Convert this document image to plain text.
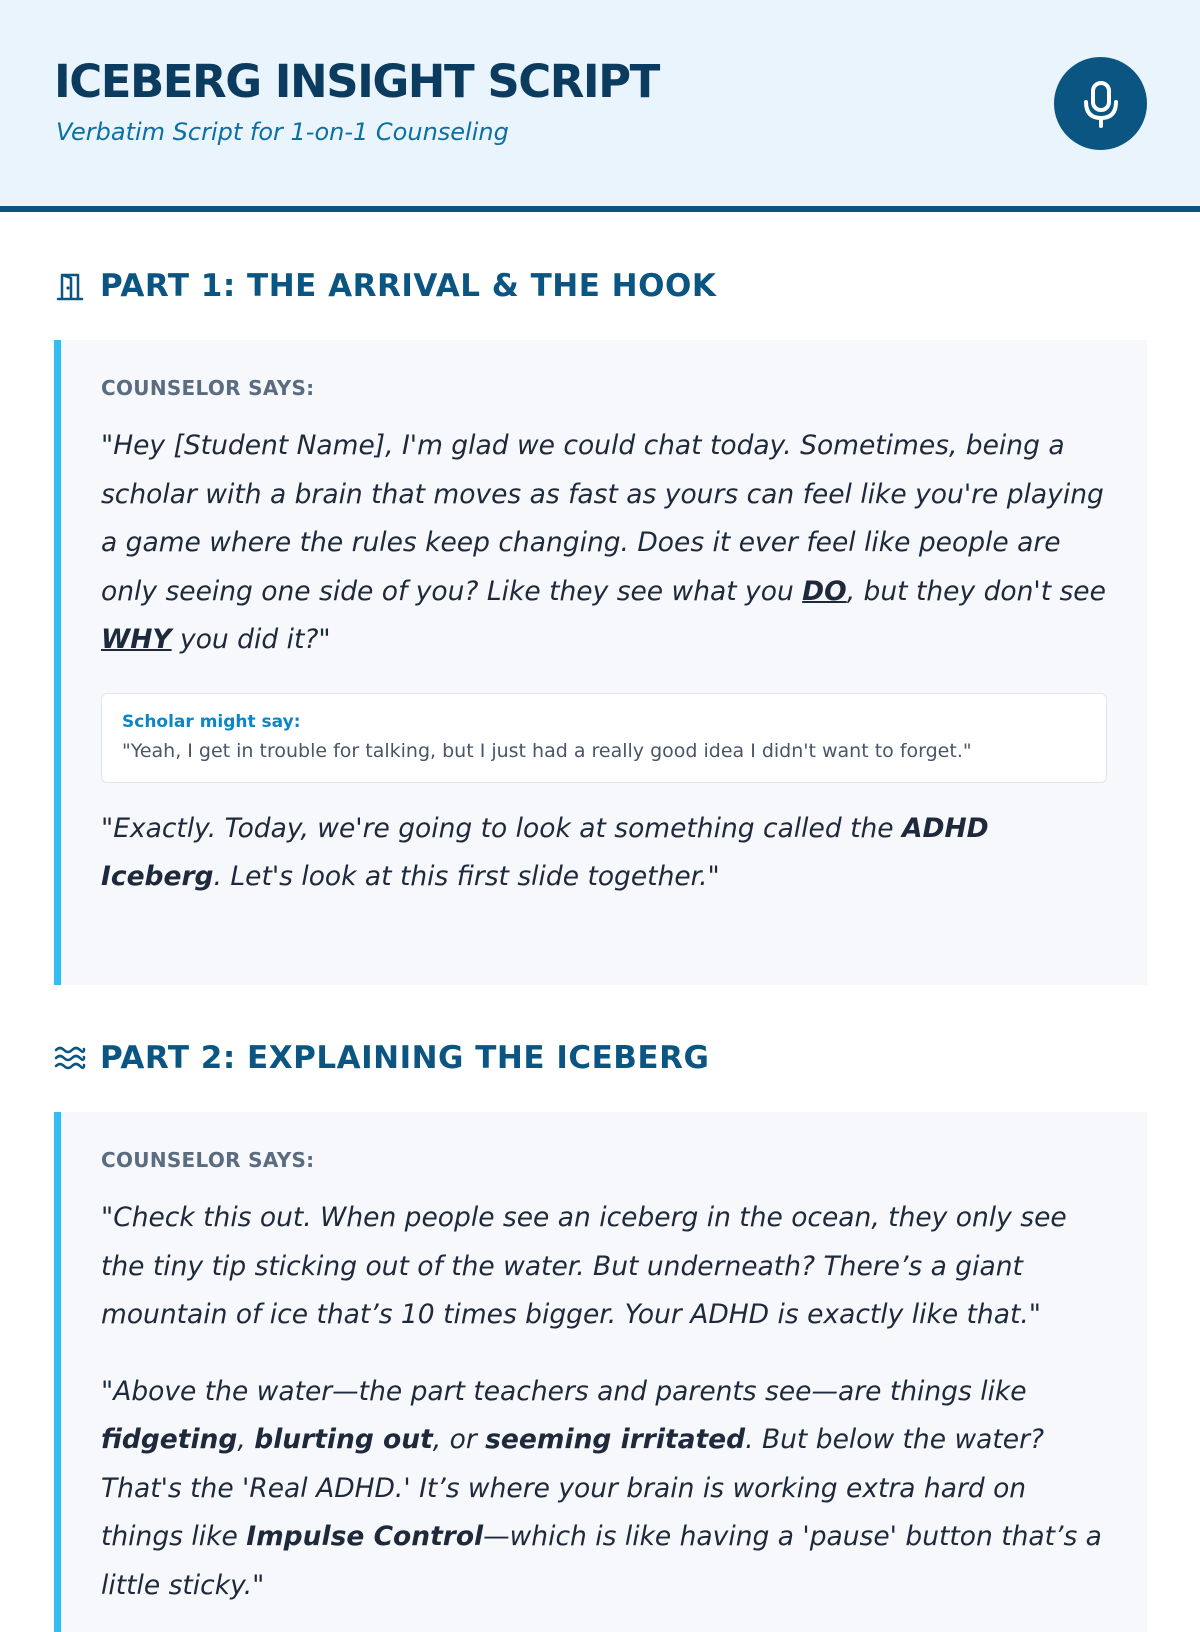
ICEBERG INSIGHT SCRIPT
Verbatim Script for 1-on-1 Counseling
PART 1: THE ARRIVAL & THE HOOK
COUNSELOR SAYS:

"Hey [Student Name], I'm glad we could chat today. Sometimes, being a scholar with a brain that moves as fast as yours can feel like you're playing a game where the rules keep changing. Does it ever feel like people are only seeing one side of you? Like they see what you DO, but they don't see WHY you did it?"

Scholar might say:
"Yeah, I get in trouble for talking, but I just had a really good idea I didn't want to forget."

"Exactly. Today, we're going to look at something called the ADHD Iceberg. Let's look at this first slide together."

PART 2: EXPLAINING THE ICEBERG
COUNSELOR SAYS:

"Check this out. When people see an iceberg in the ocean, they only see the tiny tip sticking out of the water. But underneath? There’s a giant mountain of ice that’s 10 times bigger. Your ADHD is exactly like that."

"Above the water—the part teachers and parents see—are things like fidgeting, blurting out, or seeming irritated. But below the water? That's the 'Real ADHD.' It’s where your brain is working extra hard on things like Impulse Control—which is like having a 'pause' button that’s a little sticky."
